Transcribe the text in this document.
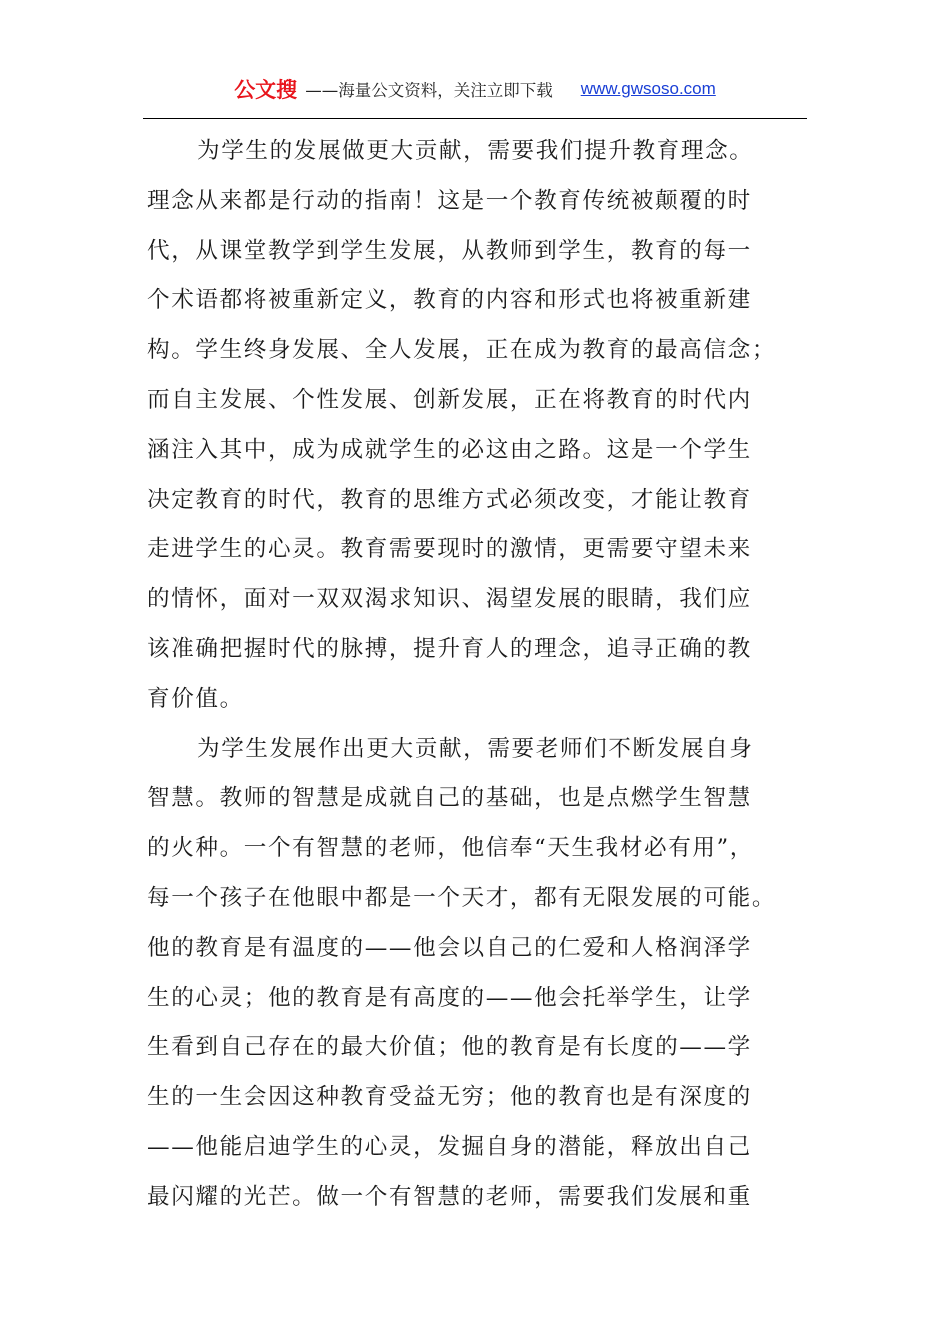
公文搜 ——海量公文资料，关注立即下载 www.gwsoso.com
为学生的发展做更大贡献，需要我们提升教育理念。
理念从来都是行动的指南！这是一个教育传统被颠覆的时
代，从课堂教学到学生发展，从教师到学生，教育的每一
个术语都将被重新定义，教育的内容和形式也将被重新建
构。学生终身发展、全人发展，正在成为教育的最高信念；
而自主发展、个性发展、创新发展，正在将教育的时代内
涵注入其中，成为成就学生的必这由之路。这是一个学生
决定教育的时代，教育的思维方式必须改变，才能让教育
走进学生的心灵。教育需要现时的激情，更需要守望未来
的情怀，面对一双双渴求知识、渴望发展的眼睛，我们应
该准确把握时代的脉搏，提升育人的理念，追寻正确的教
育价值。
为学生发展作出更大贡献，需要老师们不断发展自身
智慧。教师的智慧是成就自己的基础，也是点燃学生智慧
的火种。一个有智慧的老师，他信奉“天生我材必有用”，
每一个孩子在他眼中都是一个天才，都有无限发展的可能。
他的教育是有温度的——他会以自己的仁爱和人格润泽学
生的心灵；他的教育是有高度的——他会托举学生，让学
生看到自己存在的最大价值；他的教育是有长度的——学
生的一生会因这种教育受益无穷；他的教育也是有深度的
——他能启迪学生的心灵，发掘自身的潜能，释放出自己
最闪耀的光芒。做一个有智慧的老师，需要我们发展和重
